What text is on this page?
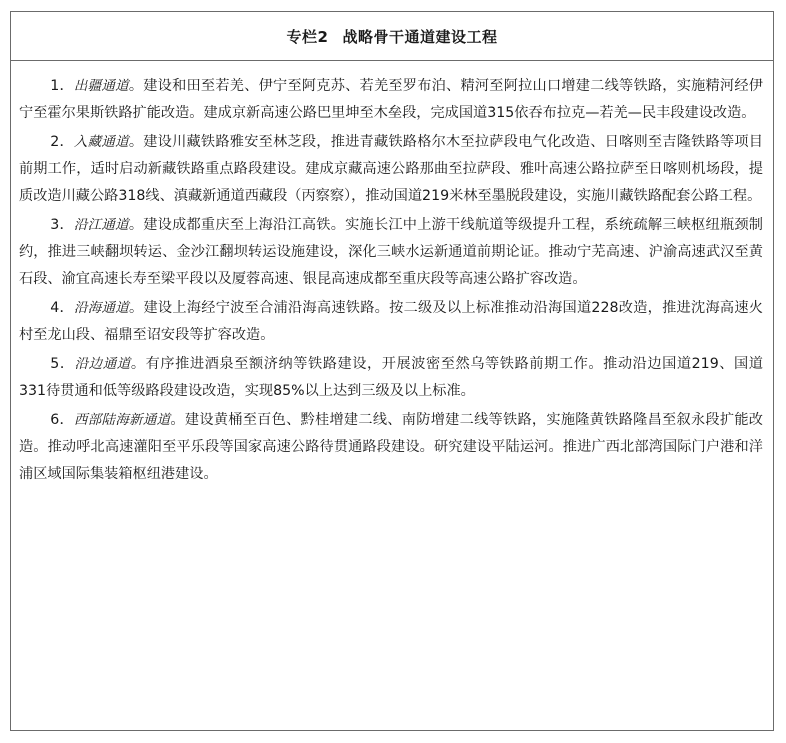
专栏2 战略骨干通道建设工程

1．出疆通道。建设和田至若羌、伊宁至阿克苏、若羌至罗布泊、精河至阿拉山口增建二线等铁路，实施精河经伊宁至霍尔果斯铁路扩能改造。建成京新高速公路巴里坤至木垒段，完成国道315依吞布拉克—若羌—民丰段建设改造。

2．入藏通道。建设川藏铁路雅安至林芝段，推进青藏铁路格尔木至拉萨段电气化改造、日喀则至吉隆铁路等项目前期工作，适时启动新藏铁路重点路段建设。建成京藏高速公路那曲至拉萨段、雅叶高速公路拉萨至日喀则机场段，提质改造川藏公路318线、滇藏新通道西藏段（丙察察），推动国道219米林至墨脱段建设，实施川藏铁路配套公路工程。

3．沿江通道。建设成都重庆至上海沿江高铁。实施长江中上游干线航道等级提升工程，系统疏解三峡枢纽瓶颈制约，推进三峡翻坝转运、金沙江翻坝转运设施建设，深化三峡水运新通道前期论证。推动宁芜高速、沪渝高速武汉至黄石段、渝宜高速长寿至梁平段以及厦蓉高速、银昆高速成都至重庆段等高速公路扩容改造。

4．沿海通道。建设上海经宁波至合浦沿海高速铁路。按二级及以上标准推动沿海国道228改造，推进沈海高速火村至龙山段、福鼎至诏安段等扩容改造。

5．沿边通道。有序推进酒泉至额济纳等铁路建设，开展波密至然乌等铁路前期工作。推动沿边国道219、国道331待贯通和低等级路段建设改造，实现85%以上达到三级及以上标准。

6．西部陆海新通道。建设黄桶至百色、黔桂增建二线、南防增建二线等铁路，实施隆黄铁路隆昌至叙永段扩能改造。推动呼北高速灌阳至平乐段等国家高速公路待贯通路段建设。研究建设平陆运河。推进广西北部湾国际门户港和洋浦区域国际集装箱枢纽港建设。
